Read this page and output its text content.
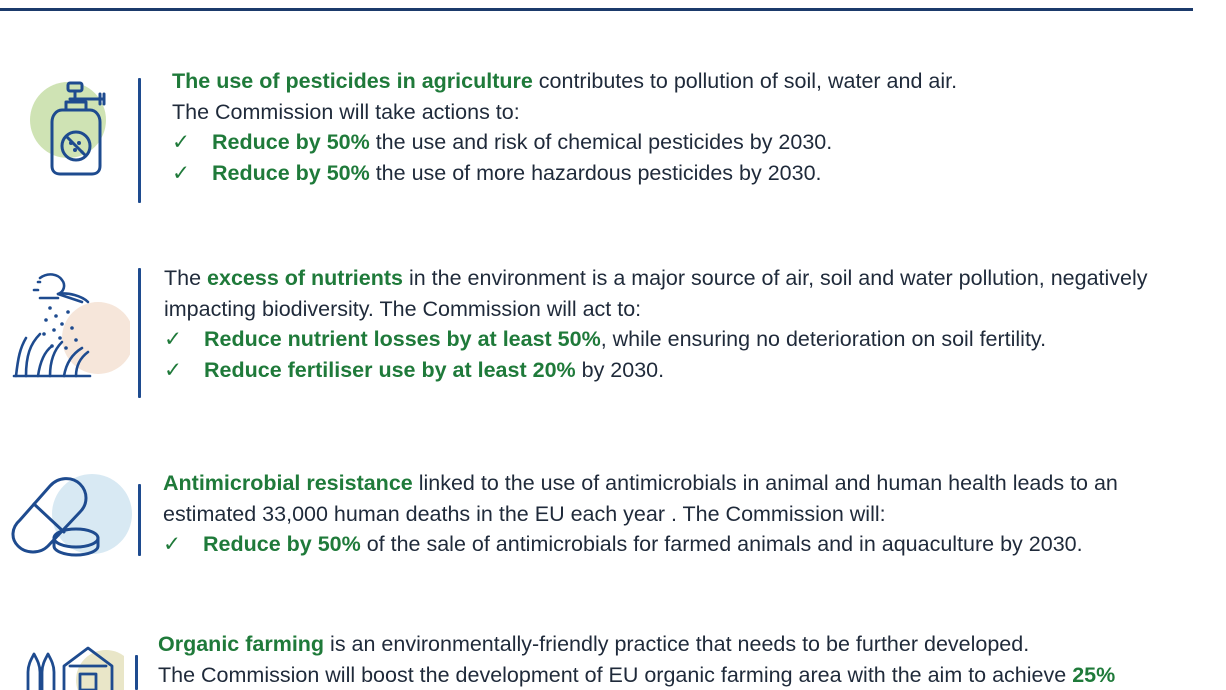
The use of pesticides in agriculture contributes to pollution of soil, water and air.

The Commission will take actions to:

✓ Reduce by 50% the use and risk of chemical pesticides by 2030.

✓ Reduce by 50% the use of more hazardous pesticides by 2030.

The excess of nutrients in the environment is a major source of air, soil and water pollution, negatively

impacting biodiversity. The Commission will act to:

✓ Reduce nutrient losses by at least 50%, while ensuring no deterioration on soil fertility.

✓ Reduce fertiliser use by at least 20% by 2030.

Antimicrobial resistance linked to the use of antimicrobials in animal and human health leads to an

estimated 33,000 human deaths in the EU each year . The Commission will:

✓ Reduce by 50% of the sale of antimicrobials for farmed animals and in aquaculture by 2030.

Organic farming is an environmentally-friendly practice that needs to be further developed.

The Commission will boost the development of EU organic farming area with the aim to achieve 25%
